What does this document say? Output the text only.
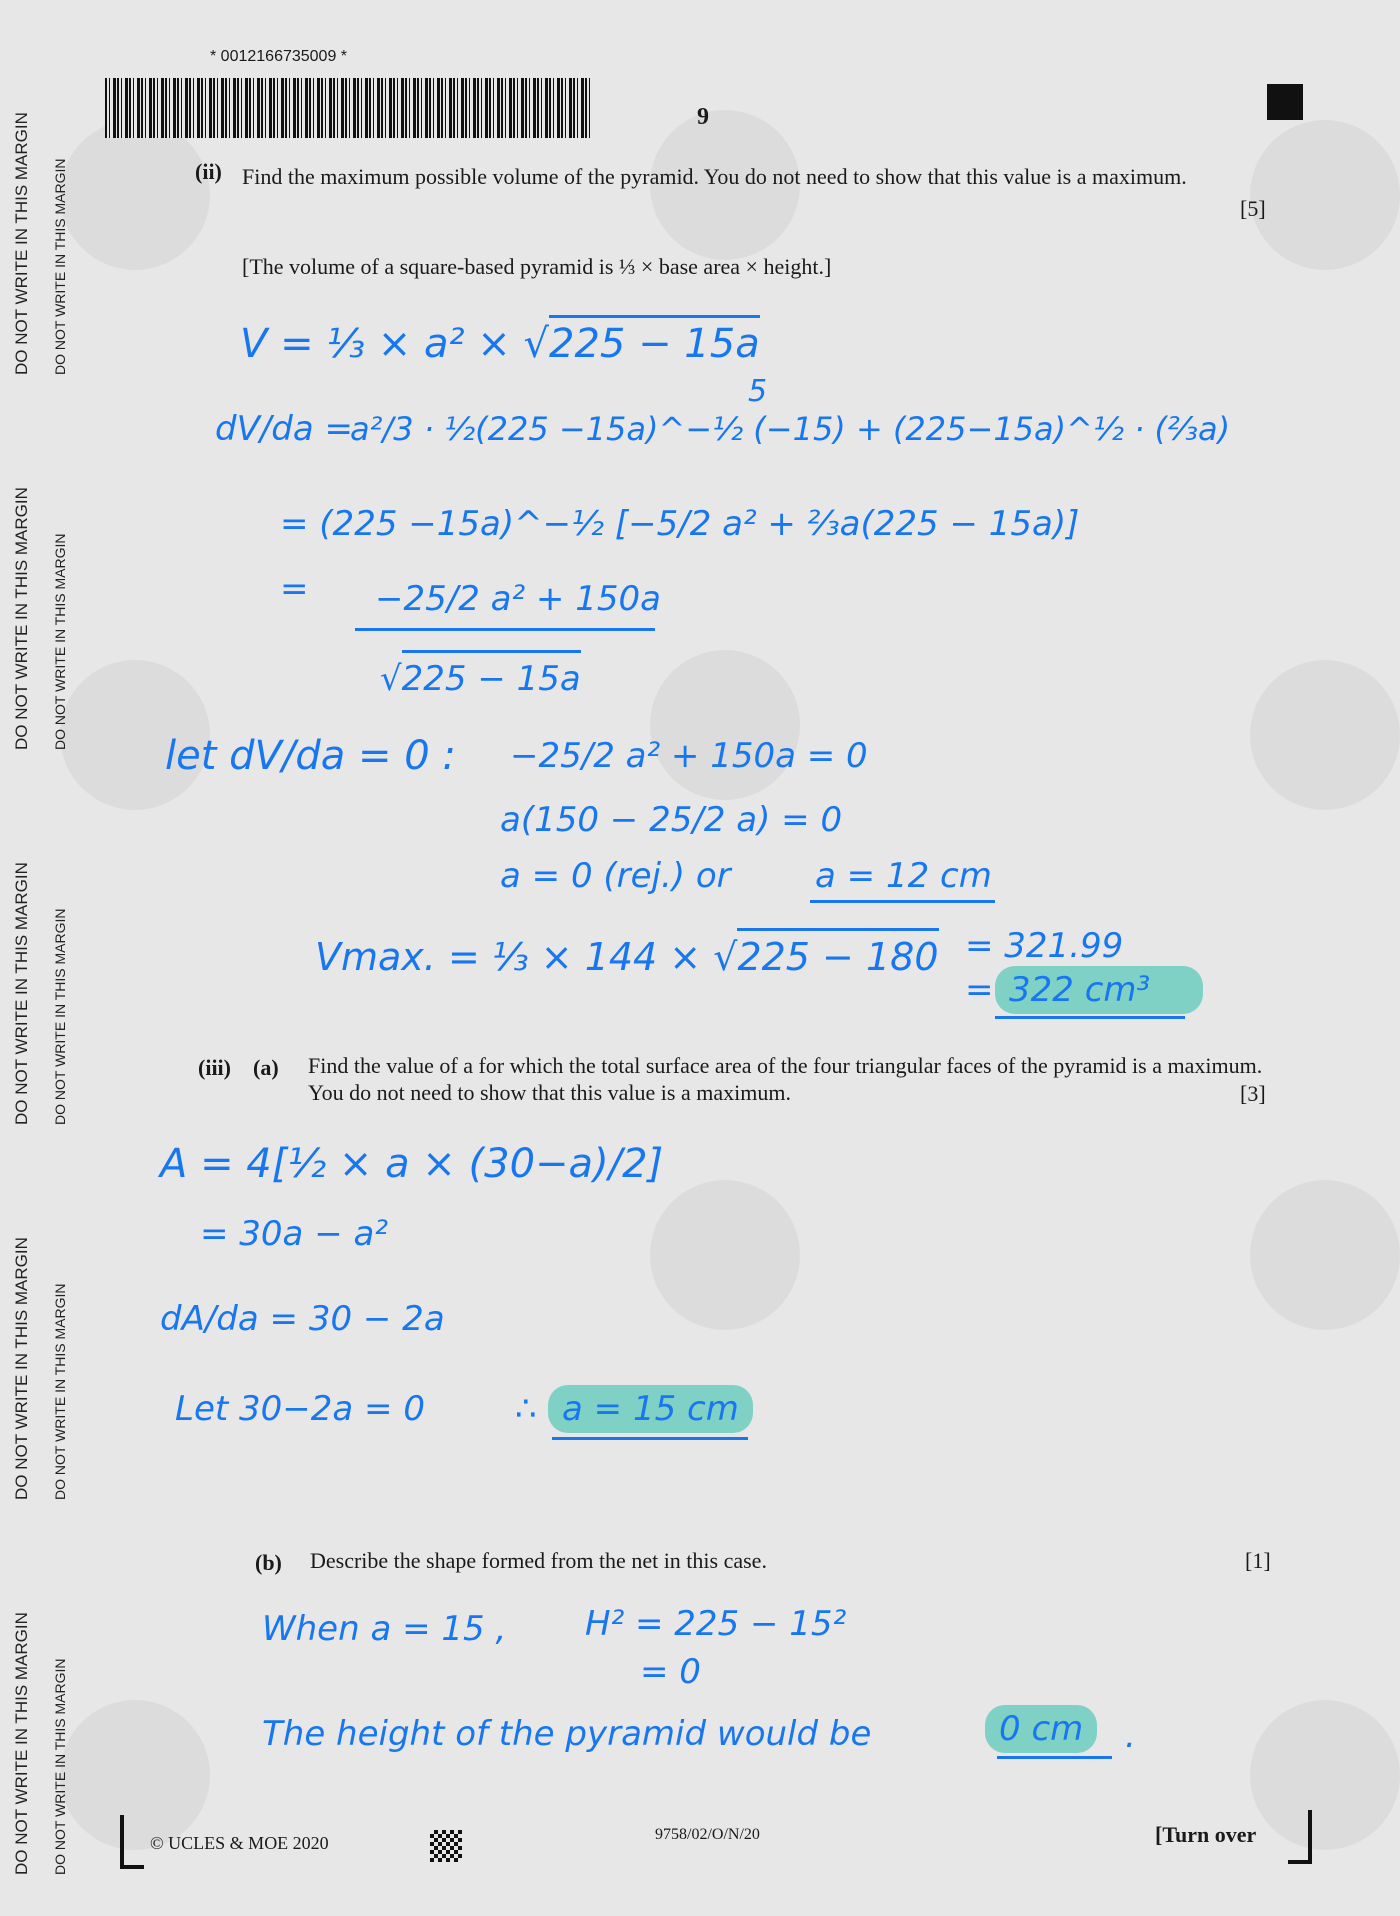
DO NOT WRITE IN THIS MARGIN
DO NOT WRITE IN THIS MARGIN
DO NOT WRITE IN THIS MARGIN
DO NOT WRITE IN THIS MARGIN
DO NOT WRITE IN THIS MARGIN
DO NOT WRITE IN THIS MARGIN
DO NOT WRITE IN THIS MARGIN
DO NOT WRITE IN THIS MARGIN
DO NOT WRITE IN THIS MARGIN
DO NOT WRITE IN THIS MARGIN
* 0012166735009 *
9
(ii) Find the maximum possible volume of the pyramid. You do not need to show that this value is a maximum.
[5]
[The volume of a square-based pyramid is ⅓ × base area × height.]
V = ⅓ × a² × √225 − 15a
dV/da =
5
a²/3 · ½(225 −15a)^−½ (−15) + (225−15a)^½ · (⅔a)
= (225 −15a)^−½ [−5/2 a² + ⅔a(225 − 15a)]
= −25/2 a² + 150a
√225 − 15a
let dV/da = 0 : −25/2 a² + 150a = 0
a(150 − 25/2 a) = 0
a = 0 (rej.) or a = 12 cm
Vmax. = ⅓ × 144 × √225 − 180 = 321.99
= 322 cm³
(iii) (a) Find the value of a for which the total surface area of the four triangular faces of the pyramid is a maximum. You do not need to show that this value is a maximum.	[3]
A = 4[½ × a × (30−a)/2]
= 30a − a²
dA/da = 30 − 2a
Let 30−2a = 0	∴ a = 15 cm
(b) Describe the shape formed from the net in this case.	[1]
When a = 15 , H² = 225 − 15²
= 0
The height of the pyramid would be	0 cm	.
© UCLES & MOE 2020	9758/02/O/N/20	[Turn over
